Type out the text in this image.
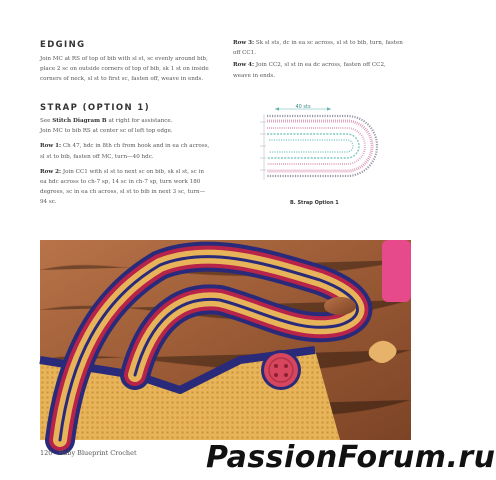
EDGING
Join MC at RS of top of bib with sl st, sc evenly around bib,
place 2 sc on outside corners of top of bib, sk 1 st on inside
corners of neck, sl st to first sc, fasten off, weave in ends.
STRAP (OPTION 1)
See Stitch Diagram B at right for assistance.
Join MC to bib RS at center sc of left top edge.
Row 1: Ch 47, hdc in 8th ch from hook and in ea ch across,
sl st to bib, fasten off MC, turn—40 hdc.
Row 2: Join CC1 with sl st to next sc on bib, sk sl st, sc in
ea hdc across to ch-7 sp, 14 sc in ch-7 sp, turn work 180
degrees, sc in ea ch across, sl st to bib in next 3 sc, turn—
94 sc.
Row 3: Sk sl sts, dc in ea sc across, sl st to bib, turn, fasten
off CC1.
Row 4: Join CC2, sl st in ea dc across, fasten off CC2,
weave in ends.
40 sts
B. Strap Option 1
120 Baby Blueprint Crochet PassionForum.ru
